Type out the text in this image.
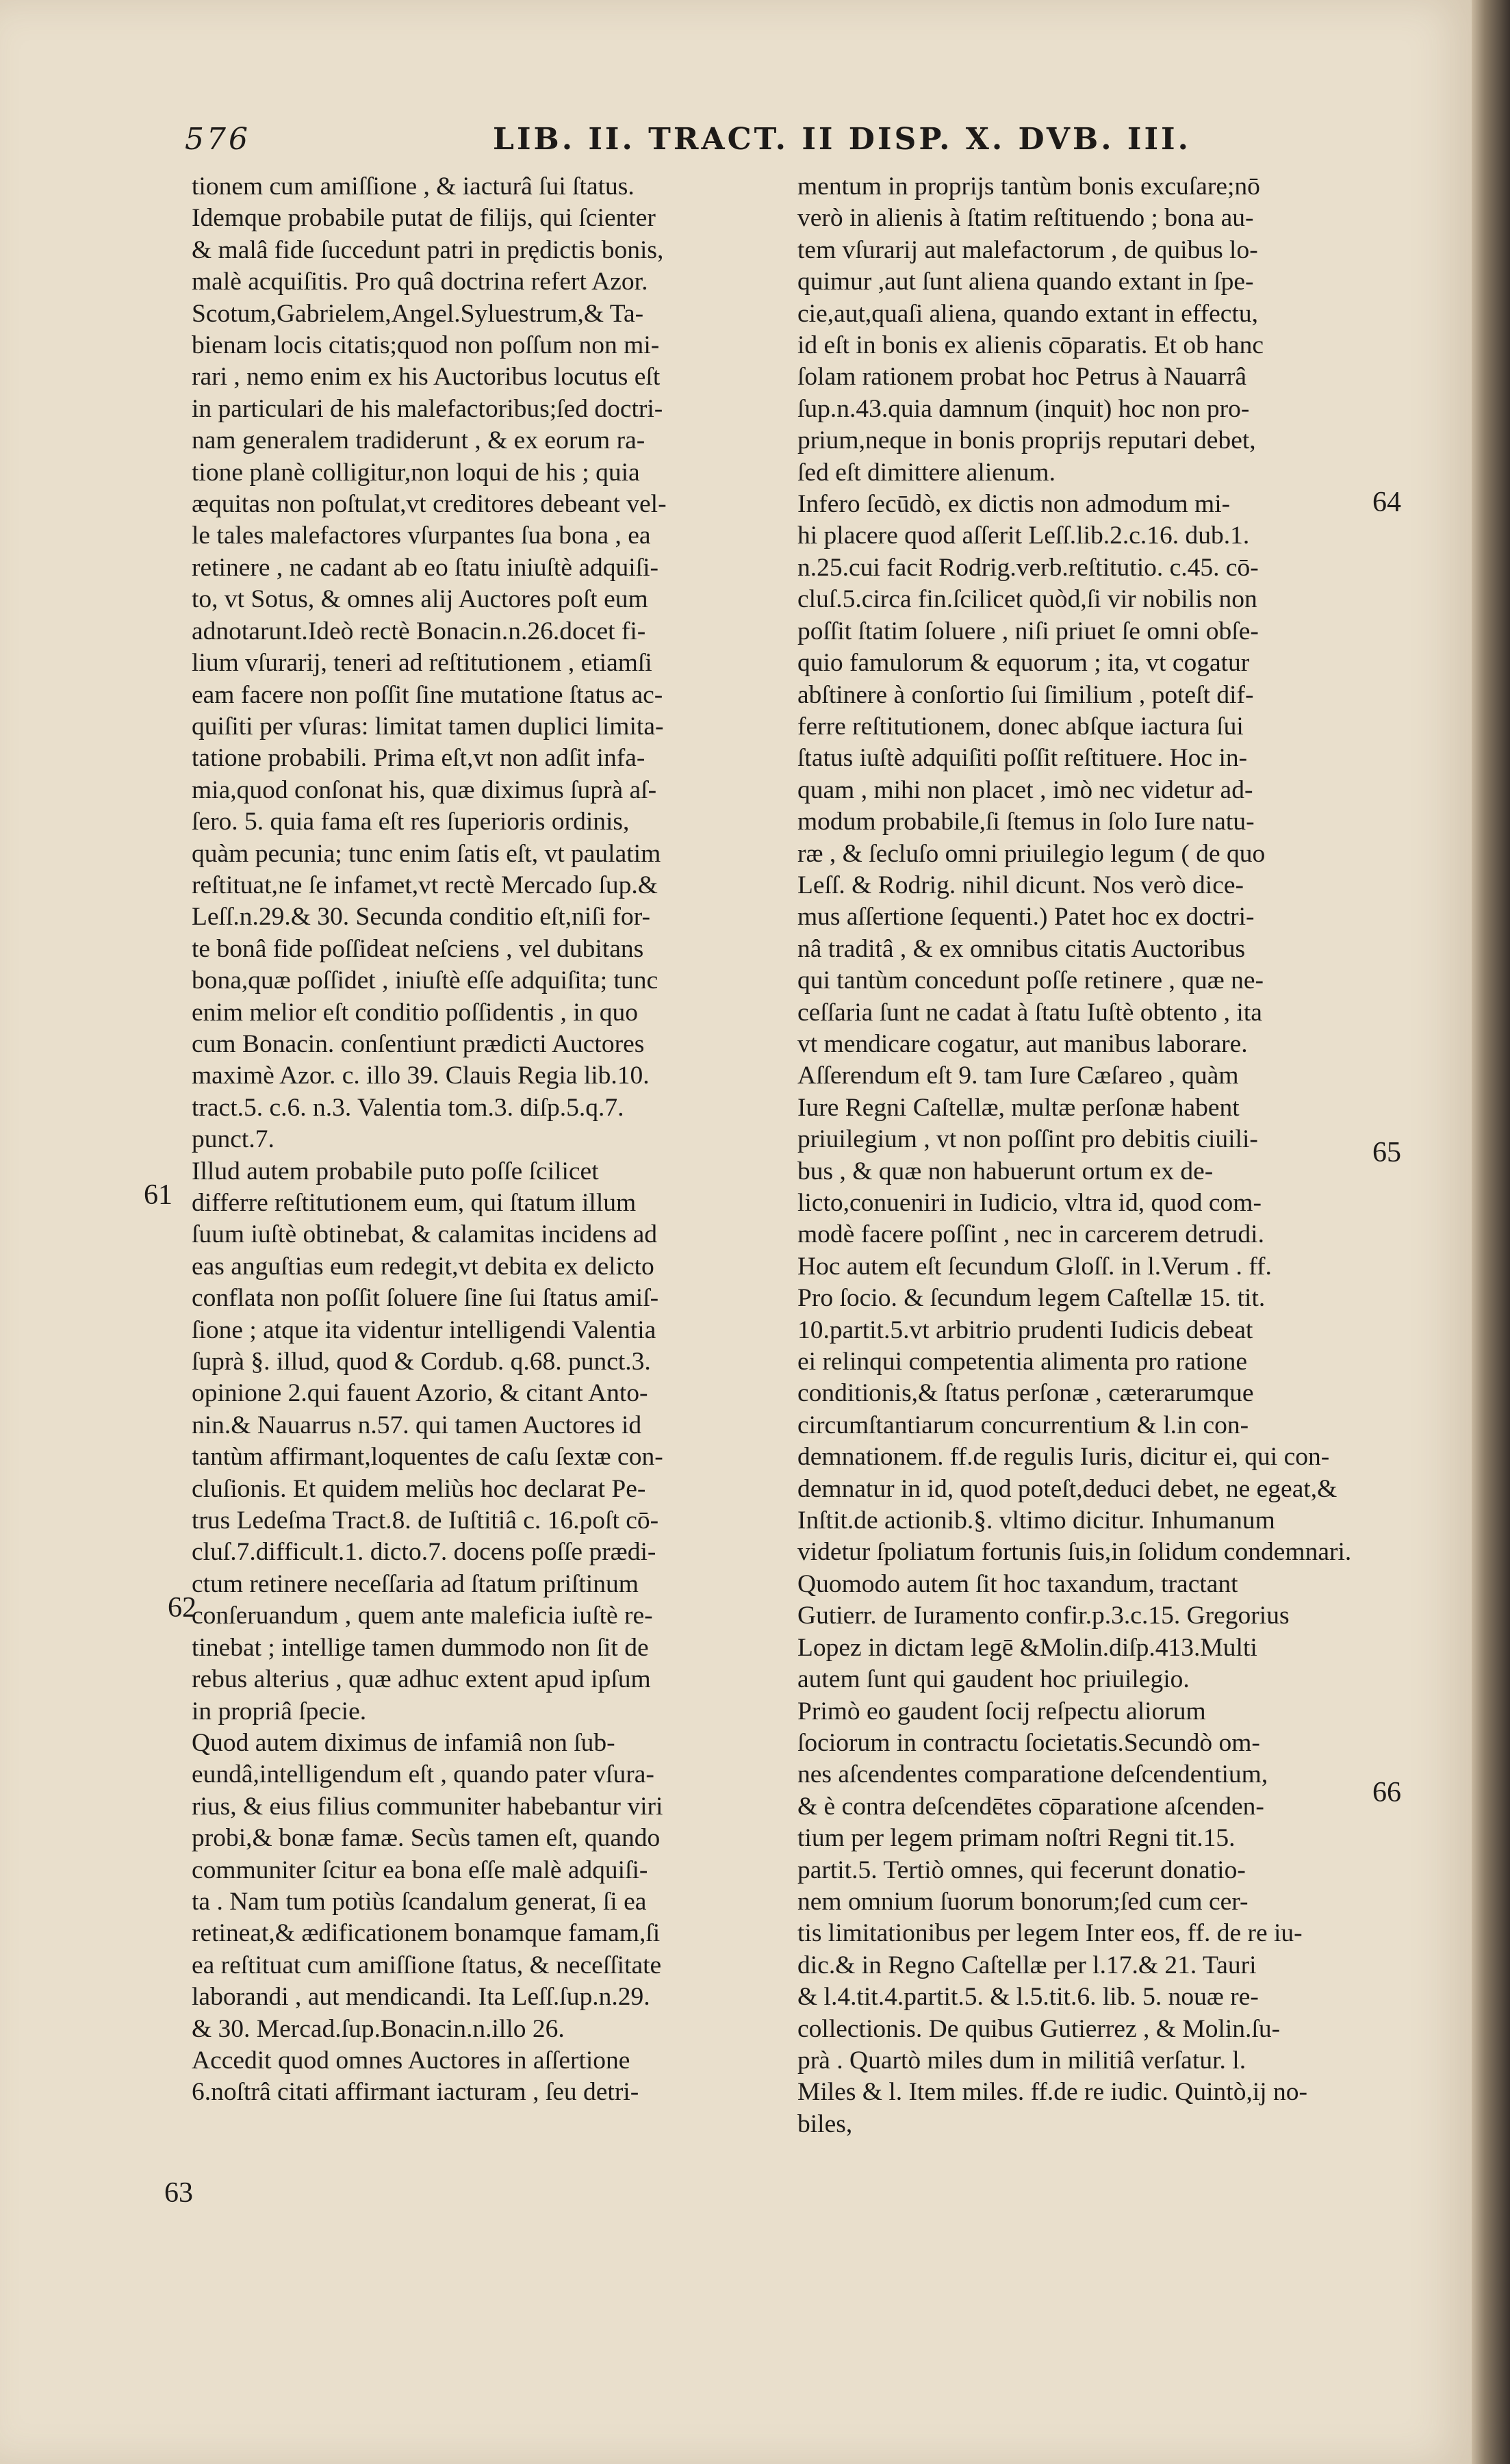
576	LIB. II. TRACT. II DISP. X. DVB. III.

tionem cum amiſſione , & iacturâ ſui ſtatus.

Idemque probabile putat de filijs, qui ſcienter

& malâ fide ſuccedunt patri in prędictis bonis,

malè acquiſitis. Pro quâ doctrina refert Azor.

Scotum,Gabrielem,Angel.Syluestrum,& Ta-

bienam locis citatis;quod non poſſum non mi-

rari , nemo enim ex his Auctoribus locutus eſt

in particulari de his malefactoribus;ſed doctri-

nam generalem tradiderunt , & ex eorum ra-

tione planè colligitur,non loqui de his ; quia

æquitas non poſtulat,vt creditores debeant vel-

le tales malefactores vſurpantes ſua bona , ea

retinere , ne cadant ab eo ſtatu iniuſtè adquiſi-

to, vt Sotus, & omnes alij Auctores poſt eum

adnotarunt.Ideò rectè Bonacin.n.26.docet fi-

lium vſurarij, teneri ad reſtitutionem , etiamſi

eam facere non poſſit ſine mutatione ſtatus ac-

quiſiti per vſuras: limitat tamen duplici limita-

tatione probabili. Prima eſt,vt non adſit infa-

mia,quod conſonat his, quæ diximus ſuprà aſ-

ſero. 5. quia fama eſt res ſuperioris ordinis,

quàm pecunia; tunc enim ſatis eſt, vt paulatim

reſtituat,ne ſe infamet,vt rectè Mercado ſup.&

Leſſ.n.29.& 30. Secunda conditio eſt,niſi for-

te bonâ fide poſſideat neſciens , vel dubitans

bona,quæ poſſidet , iniuſtè eſſe adquiſita; tunc

enim melior eſt conditio poſſidentis , in quo

cum Bonacin. conſentiunt prædicti Auctores

maximè Azor. c. illo 39. Clauis Regia lib.10.

tract.5. c.6. n.3. Valentia tom.3. diſp.5.q.7.

punct.7.

Illud autem probabile puto poſſe ſcilicet

differre reſtitutionem eum, qui ſtatum illum

ſuum iuſtè obtinebat, & calamitas incidens ad

eas anguſtias eum redegit,vt debita ex delicto

conflata non poſſit ſoluere ſine ſui ſtatus amiſ-

ſione ; atque ita videntur intelligendi Valentia

ſuprà §. illud, quod & Cordub. q.68. punct.3.

opinione 2.qui fauent Azorio, & citant Anto-

nin.& Nauarrus n.57. qui tamen Auctores id

tantùm affirmant,loquentes de caſu ſextæ con-

cluſionis. Et quidem meliùs hoc declarat Pe-

trus Ledeſma Tract.8. de Iuſtitiâ c. 16.poſt cō-

cluſ.7.difficult.1. dicto.7. docens poſſe prædi-

ctum retinere neceſſaria ad ſtatum priſtinum

conſeruandum , quem ante maleficia iuſtè re-

tinebat ; intellige tamen dummodo non ſit de

rebus alterius , quæ adhuc extent apud ipſum

in propriâ ſpecie.

Quod autem diximus de infamiâ non ſub-

eundâ,intelligendum eſt , quando pater vſura-

rius, & eius filius communiter habebantur viri

probi,& bonæ famæ. Secùs tamen eſt, quando

communiter ſcitur ea bona eſſe malè adquiſi-

ta . Nam tum potiùs ſcandalum generat, ſi ea

retineat,& ædificationem bonamque famam,ſi

ea reſtituat cum amiſſione ſtatus, & neceſſitate

laborandi , aut mendicandi. Ita Leſſ.ſup.n.29.

& 30. Mercad.ſup.Bonacin.n.illo 26.

Accedit quod omnes Auctores in aſſertione

6.noſtrâ citati affirmant iacturam , ſeu detri-

mentum in proprijs tantùm bonis excuſare;nō

verò in alienis à ſtatim reſtituendo ; bona au-

tem vſurarij aut malefactorum , de quibus lo-

quimur ,aut ſunt aliena quando extant in ſpe-

cie,aut,quaſi aliena, quando extant in effectu,

id eſt in bonis ex alienis cōparatis. Et ob hanc

ſolam rationem probat hoc Petrus à Nauarrâ

ſup.n.43.quia damnum (inquit) hoc non pro-

prium,neque in bonis proprijs reputari debet,

ſed eſt dimittere alienum.

Infero ſecūdò, ex dictis non admodum mi-

hi placere quod aſſerit Leſſ.lib.2.c.16. dub.1.

n.25.cui facit Rodrig.verb.reſtitutio. c.45. cō-

cluſ.5.circa fin.ſcilicet quòd,ſi vir nobilis non

poſſit ſtatim ſoluere , niſi priuet ſe omni obſe-

quio famulorum & equorum ; ita, vt cogatur

abſtinere à conſortio ſui ſimilium , poteſt dif-

ferre reſtitutionem, donec abſque iactura ſui

ſtatus iuſtè adquiſiti poſſit reſtituere. Hoc in-

quam , mihi non placet , imò nec videtur ad-

modum probabile,ſi ſtemus in ſolo Iure natu-

ræ , & ſecluſo omni priuilegio legum ( de quo

Leſſ. & Rodrig. nihil dicunt. Nos verò dice-

mus aſſertione ſequenti.) Patet hoc ex doctri-

nâ traditâ , & ex omnibus citatis Auctoribus

qui tantùm concedunt poſſe retinere , quæ ne-

ceſſaria ſunt ne cadat à ſtatu Iuſtè obtento , ita

vt mendicare cogatur, aut manibus laborare.

Aſſerendum eſt 9. tam Iure Cæſareo , quàm

Iure Regni Caſtellæ, multæ perſonæ habent

priuilegium , vt non poſſint pro debitis ciuili-

bus , & quæ non habuerunt ortum ex de-

licto,conueniri in Iudicio, vltra id, quod com-

modè facere poſſint , nec in carcerem detrudi.

Hoc autem eſt ſecundum Gloſſ. in l.Verum . ff.

Pro ſocio. & ſecundum legem Caſtellæ 15. tit.

10.partit.5.vt arbitrio prudenti Iudicis debeat

ei relinqui competentia alimenta pro ratione

conditionis,& ſtatus perſonæ , cæterarumque

circumſtantiarum concurrentium & l.in con-

demnationem. ff.de regulis Iuris, dicitur ei, qui con-

demnatur in id, quod poteſt,deduci debet, ne egeat,&

Inſtit.de actionib.§. vltimo dicitur. Inhumanum

videtur ſpoliatum fortunis ſuis,in ſolidum condemnari.

Quomodo autem ſit hoc taxandum, tractant

Gutierr. de Iuramento confir.p.3.c.15. Gregorius

Lopez in dictam legē &Molin.diſp.413.Multi

autem ſunt qui gaudent hoc priuilegio.

Primò eo gaudent ſocij reſpectu aliorum

ſociorum in contractu ſocietatis.Secundò om-

nes aſcendentes comparatione deſcendentium,

& è contra deſcendētes cōparatione aſcenden-

tium per legem primam noſtri Regni tit.15.

partit.5. Tertiò omnes, qui fecerunt donatio-

nem omnium ſuorum bonorum;ſed cum cer-

tis limitationibus per legem Inter eos, ff. de re iu-

dic.& in Regno Caſtellæ per l.17.& 21. Tauri

& l.4.tit.4.partit.5. & l.5.tit.6. lib. 5. nouæ re-

collectionis. De quibus Gutierrez , & Molin.ſu-

prà . Quartò miles dum in militiâ verſatur. l.

Miles & l. Item miles. ff.de re iudic. Quintò,ij no-

biles,

61
62
63
64
65
66
